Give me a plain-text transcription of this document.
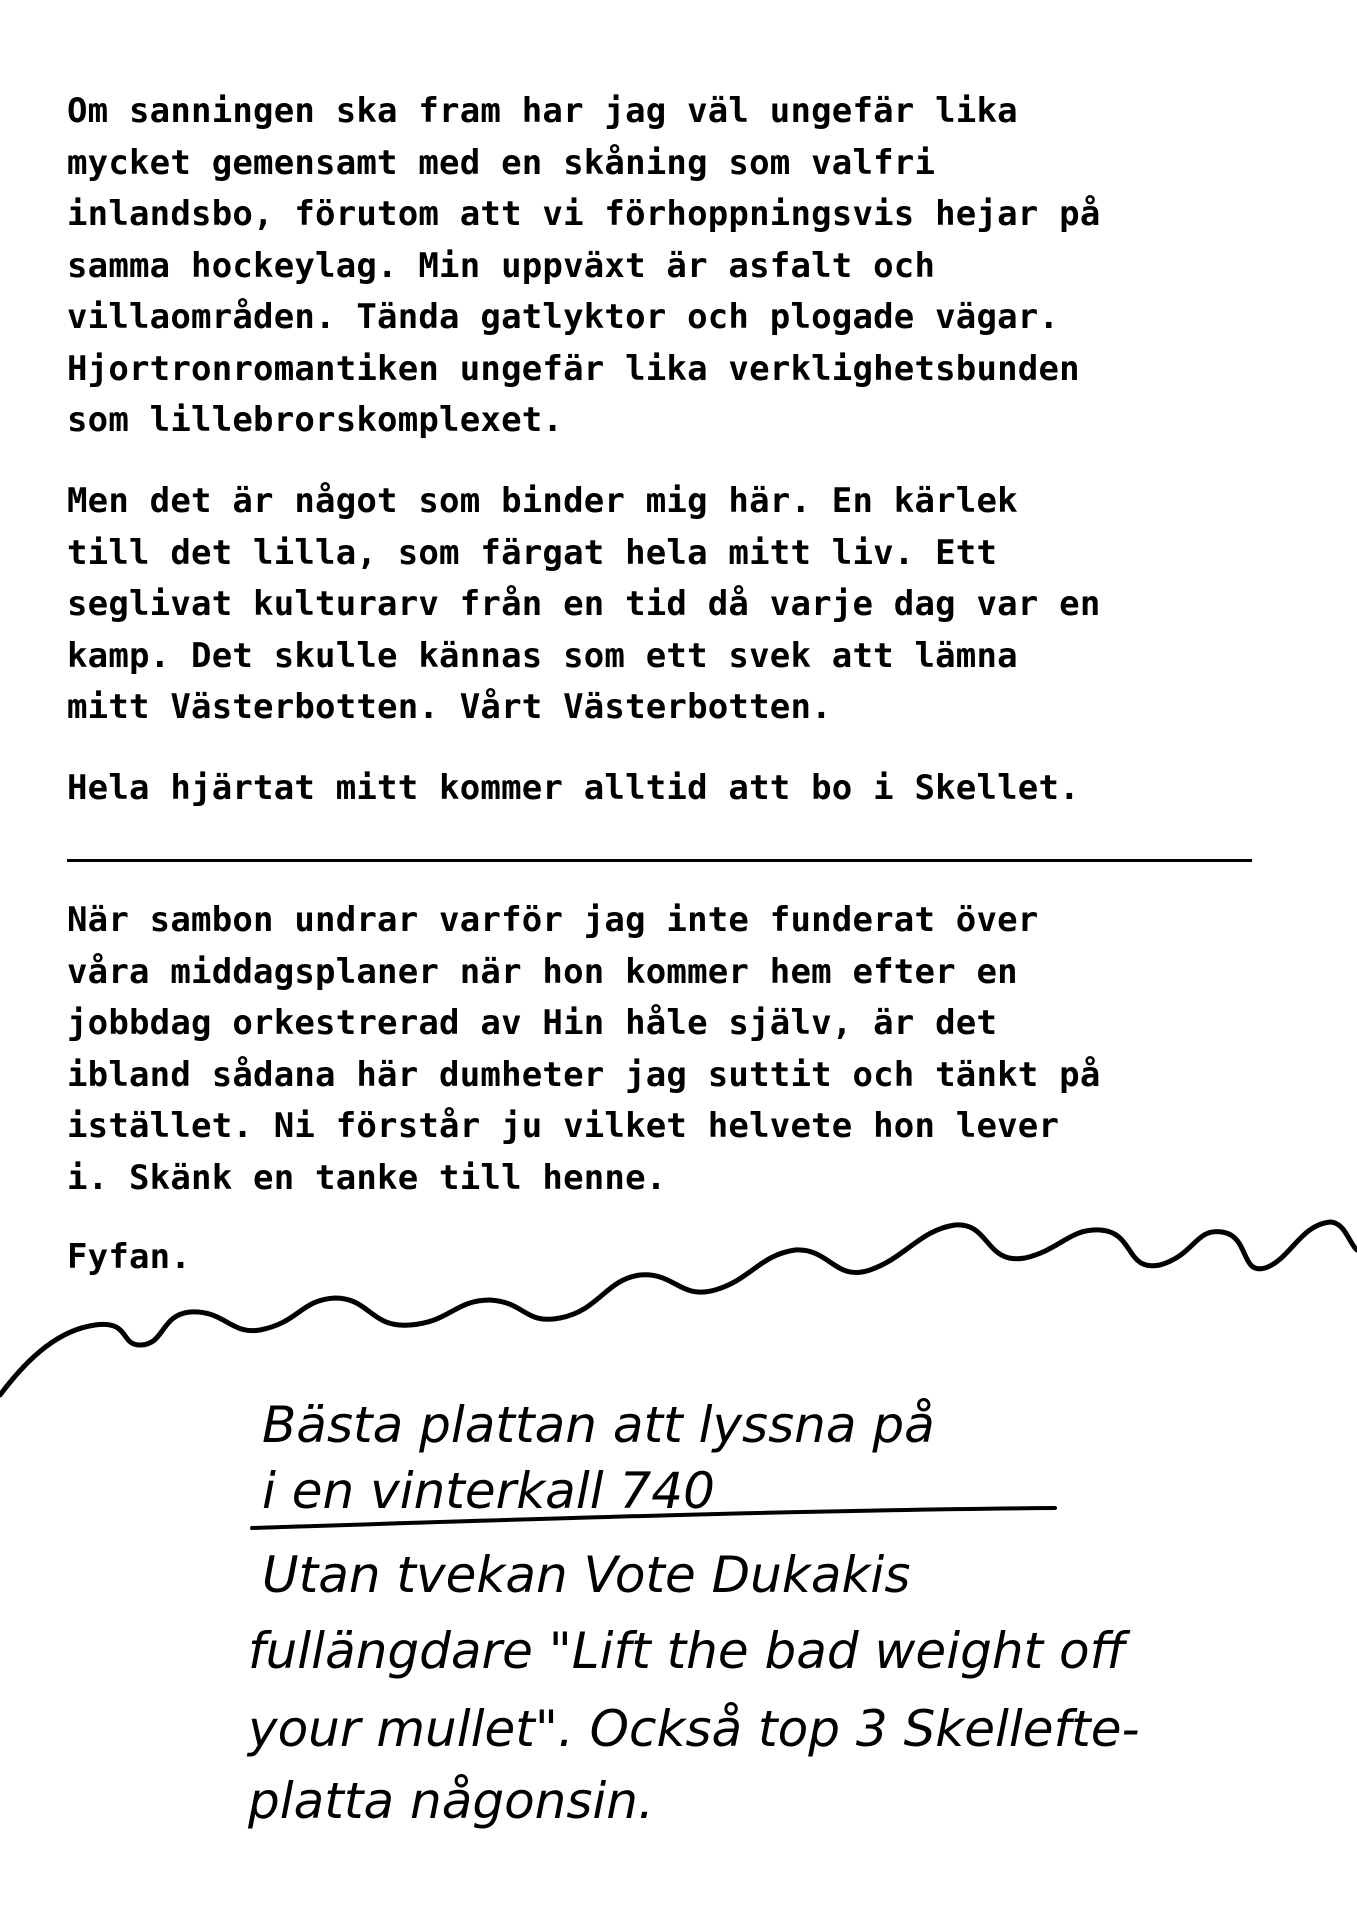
Om sanningen ska fram har jag väl ungefär lika
mycket gemensamt med en skåning som valfri
inlandsbo, förutom att vi förhoppningsvis hejar på
samma hockeylag. Min uppväxt är asfalt och
villaområden. Tända gatlyktor och plogade vägar.
Hjortronromantiken ungefär lika verklighetsbunden
som lillebrorskomplexet.

Men det är något som binder mig här. En kärlek
till det lilla, som färgat hela mitt liv. Ett
seglivat kulturarv från en tid då varje dag var en
kamp. Det skulle kännas som ett svek att lämna
mitt Västerbotten. Vårt Västerbotten.

Hela hjärtat mitt kommer alltid att bo i Skellet.

När sambon undrar varför jag inte funderat över
våra middagsplaner när hon kommer hem efter en
jobbdag orkestrerad av Hin håle själv, är det
ibland sådana här dumheter jag suttit och tänkt på
istället. Ni förstår ju vilket helvete hon lever
i. Skänk en tanke till henne.

Fyfan.

Bästa plattan att lyssna på
i en vinterkall 740
Utan tvekan Vote Dukakis
fullängdare "Lift the bad weight off
your mullet". Också top 3 Skellefte-
platta någonsin.
